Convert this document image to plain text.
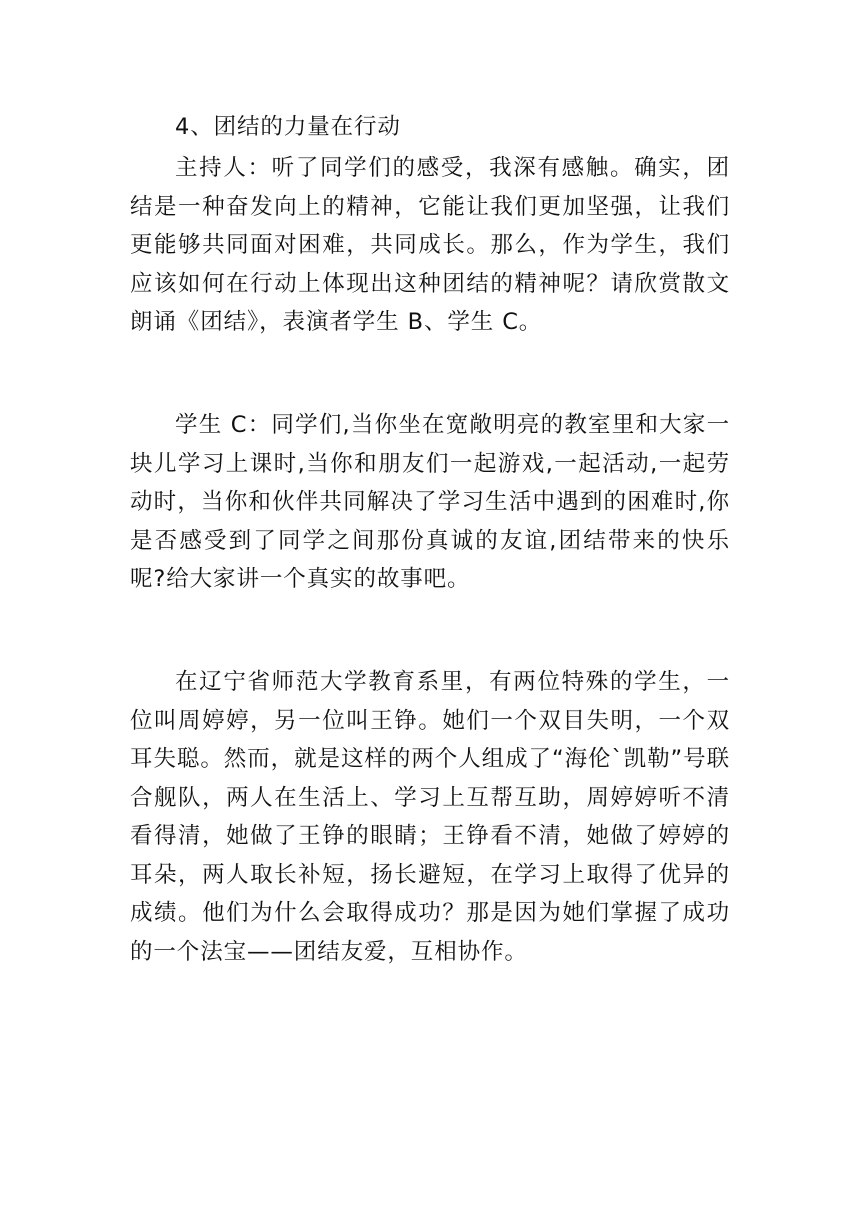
4、团结的力量在行动

主持人：听了同学们的感受，我深有感触。确实，团结是一种奋发向上的精神，它能让我们更加坚强，让我们更能够共同面对困难，共同成长。那么，作为学生，我们应该如何在行动上体现出这种团结的精神呢？请欣赏散文朗诵《团结》，表演者学生 B、学生 C。

学生 C：同学们,当你坐在宽敞明亮的教室里和大家一块儿学习上课时,当你和朋友们一起游戏,一起活动,一起劳动时，当你和伙伴共同解决了学习生活中遇到的困难时,你是否感受到了同学之间那份真诚的友谊,团结带来的快乐呢?给大家讲一个真实的故事吧。

在辽宁省师范大学教育系里，有两位特殊的学生，一位叫周婷婷，另一位叫王铮。她们一个双目失明，一个双耳失聪。然而，就是这样的两个人组成了“海伦`凯勒”号联合舰队，两人在生活上、学习上互帮互助，周婷婷听不清看得清，她做了王铮的眼睛；王铮看不清，她做了婷婷的耳朵，两人取长补短，扬长避短，在学习上取得了优异的成绩。他们为什么会取得成功？那是因为她们掌握了成功的一个法宝——团结友爱，互相协作。
